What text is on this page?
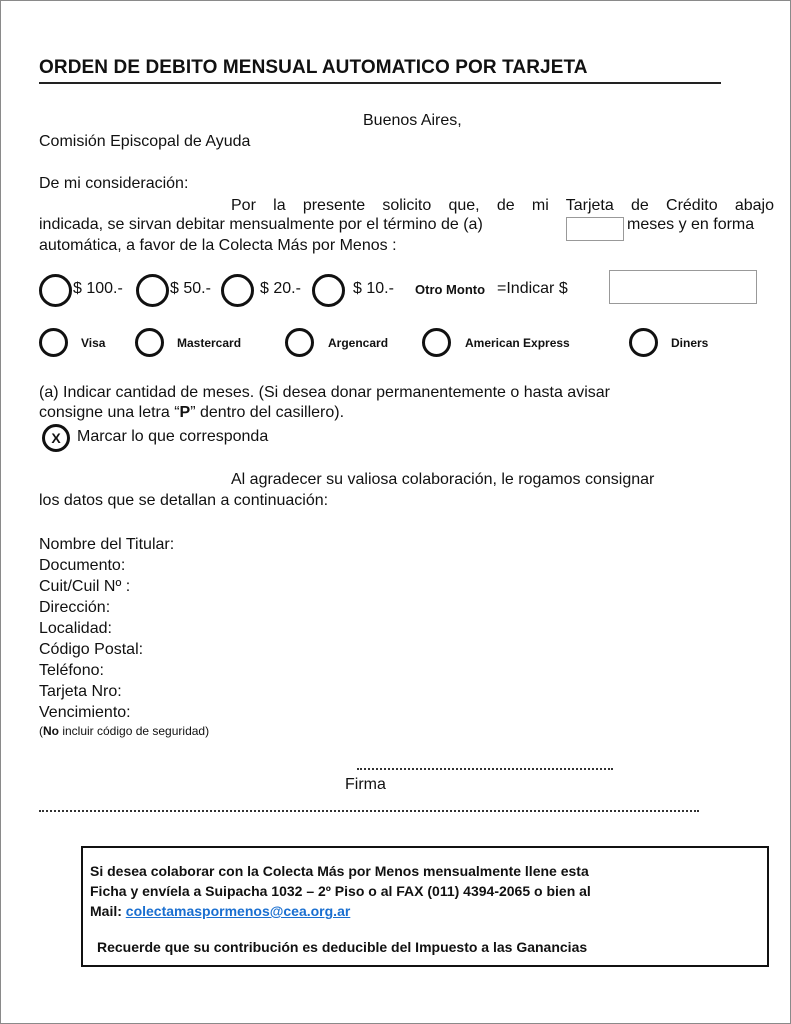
ORDEN DE DEBITO MENSUAL AUTOMATICO POR TARJETA
Buenos Aires,
Comisión Episcopal de Ayuda
De mi consideración:
Por la presente solicito que, de mi Tarjeta de Crédito abajo
indicada, se sirvan debitar mensualmente por el término de (a)	meses y en forma
automática, a favor de la Colecta Más por Menos :
$ 100.-	$ 50.-	$ 20.-	$ 10.- Otro Monto =Indicar $
Visa	Mastercard	Argencard	American Express	Diners
(a) Indicar cantidad de meses. (Si desea donar permanentemente o hasta avisar
consigne una letra “P” dentro del casillero).
X	Marcar lo que corresponda
Al agradecer su valiosa colaboración, le rogamos consignar
los datos que se detallan a continuación:
Nombre del Titular:
Documento:
Cuit/Cuil Nº :
Dirección:
Localidad:
Código Postal:
Teléfono:
Tarjeta Nro:
Vencimiento:
(No incluir código de seguridad)
Firma
Si desea colaborar con la Colecta Más por Menos mensualmente llene esta
Ficha y envíela a Suipacha 1032 – 2º Piso o al FAX (011) 4394-2065 o bien al
Mail: colectamaspormenos@cea.org.ar
Recuerde que su contribución es deducible del Impuesto a las Ganancias
